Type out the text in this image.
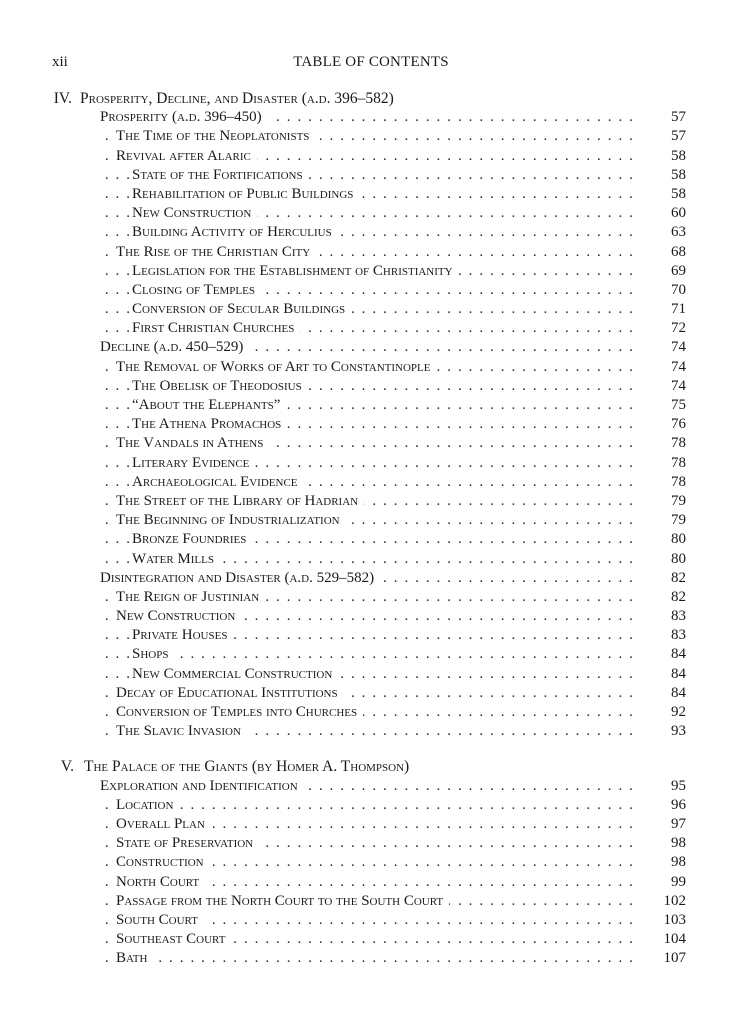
xii	TABLE OF CONTENTS
IV. Prosperity, Decline, and Disaster (a.d. 396–582)
Prosperity (a.d. 396–450) . . .	57
The Time of the Neoplatonists . . .	57
Revival after Alaric . . .	58
State of the Fortifications . . .	58
Rehabilitation of Public Buildings . . .	58
New Construction . . .	60
Building Activity of Herculius . . .	63
The Rise of the Christian City . . .	68
Legislation for the Establishment of Christianity . . .	69
Closing of Temples . . .	70
Conversion of Secular Buildings . . .	71
First Christian Churches . . .	72
Decline (a.d. 450–529) . . .	74
The Removal of Works of Art to Constantinople . . .	74
The Obelisk of Theodosius . . .	74
“About the Elephants” . . .	75
The Athena Promachos . . .	76
The Vandals in Athens . . .	78
Literary Evidence . . .	78
Archaeological Evidence . . .	78
The Street of the Library of Hadrian . . .	79
The Beginning of Industrialization . . .	79
Bronze Foundries . . .	80
Water Mills . . .	80
Disintegration and Disaster (a.d. 529–582) . . .	82
The Reign of Justinian . . .	82
New Construction . . .	83
Private Houses . . .	83
Shops . . .	84
New Commercial Construction . . .	84
Decay of Educational Institutions . . .	84
Conversion of Temples into Churches . . .	92
The Slavic Invasion . . .	93
V. The Palace of the Giants (by Homer A. Thompson)
Exploration and Identification . . .	95
Location . . .	96
Overall Plan . . .	97
State of Preservation . . .	98
Construction . . .	98
North Court . . .	99
Passage from the North Court to the South Court . . .	102
South Court . . .	103
Southeast Court . . .	104
Bath . . .	107
